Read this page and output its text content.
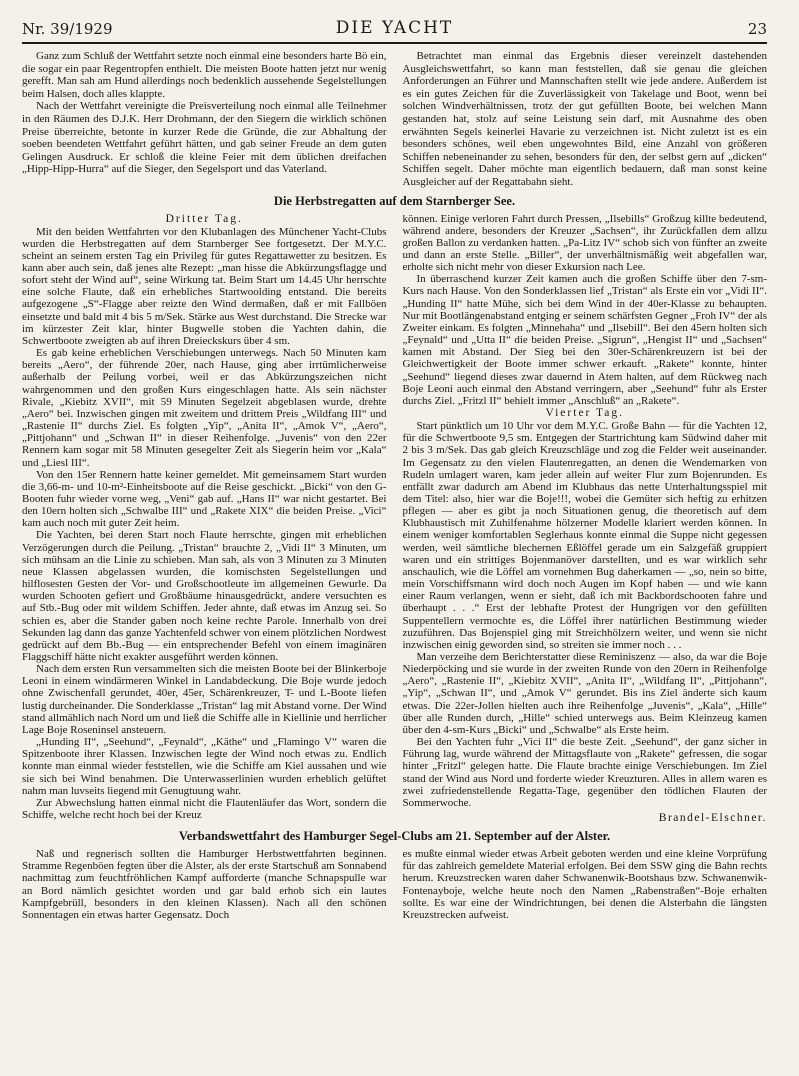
Nr. 39/1929	DIE YACHT	23

Ganz zum Schluß der Wettfahrt setzte noch einmal eine besonders harte Bö ein, die sogar ein paar Regentropfen enthielt. Die meisten Boote hatten jetzt nur wenig gerefft. Man sah am Hund allerdings noch bedenklich aussehende Segelstellungen beim Halsen, doch alles klappte.

Nach der Wettfahrt vereinigte die Preisverteilung noch einmal alle Teilnehmer in den Räumen des D.J.K. Herr Drohmann, der den Siegern die wirklich schönen Preise überreichte, betonte in kurzer Rede die Gründe, die zur Abhaltung der soeben beendeten Wettfahrt geführt hätten, und gab seiner Freude an dem guten Gelingen Ausdruck. Er schloß die kleine Feier mit dem üblichen dreifachen „Hipp-Hipp-Hurra“ auf die Sieger, den Segelsport und das Vaterland.

Betrachtet man einmal das Ergebnis dieser vereinzelt dastehenden Ausgleichswettfahrt, so kann man feststellen, daß sie genau die gleichen Anforderungen an Führer und Mannschaften stellt wie jede andere. Außerdem ist es ein gutes Zeichen für die Zuverlässigkeit von Takelage und Boot, wenn bei solchen Windverhältnissen, trotz der gut gefüllten Boote, bei welchen Mann gestanden hat, stolz auf seine Leistung sein darf, mit Ausnahme des oben erwähnten Segels keinerlei Havarie zu verzeichnen ist. Nicht zuletzt ist es ein besonders schönes, weil eben ungewohntes Bild, eine Anzahl von größeren Schiffen nebeneinander zu sehen, besonders für den, der selbst gern auf „dicken“ Schiffen segelt. Daher möchte man eigentlich bedauern, daß man sonst keine Ausgleicher auf der Regattabahn sieht.

Die Herbstregatten auf dem Starnberger See.
Dritter Tag.

Mit den beiden Wettfahrten vor den Klubanlagen des Münchener Yacht-Clubs wurden die Herbstregatten auf dem Starnberger See fortgesetzt. Der M.Y.C. scheint an seinem ersten Tag ein Privileg für gutes Regattawetter zu besitzen. Es kann aber auch sein, daß jenes alte Rezept: „man hisse die Abkürzungsflagge und sofort steht der Wind auf“, seine Wirkung tat. Beim Start um 14.45 Uhr herrschte eine solche Flaute, daß ein erhebliches Startwoolding entstand. Die bereits aufgezogene „S“-Flagge aber reizte den Wind dermaßen, daß er mit Fallböen einsetzte und bald mit 4 bis 5 m/Sek. Stärke aus West durchstand. Die Strecke war im kürzester Zeit klar, hinter Bugwelle stoben die Yachten dahin, die Schwertboote zweigten ab auf ihren Dreieckskurs über 4 sm.

Es gab keine erheblichen Verschiebungen unterwegs. Nach 50 Minuten kam bereits „Aero“, der führende 20er, nach Hause, ging aber irrtümlicherweise außerhalb der Peilung vorbei, weil er das Abkürzungszeichen nicht wahrgenommen und den großen Kurs eingeschlagen hatte. Als sein nächster Rivale, „Kiebitz XVII“, mit 59 Minuten Segelzeit abgeblasen wurde, drehte „Aero“ bei. Inzwischen gingen mit zweitem und drittem Preis „Wildfang III“ und „Rastenie II“ durchs Ziel. Es folgten „Yip“, „Anita II“, „Amok V“, „Aero“, „Pittjohann“ und „Schwan II“ in dieser Reihenfolge. „Juvenis“ von den 22er Rennern kam sogar mit 58 Minuten gesegelter Zeit als Siegerin heim vor „Kala“ und „Liesl III“.

Von den 15er Rennern hatte keiner gemeldet. Mit gemeinsamem Start wurden die 3,66-m- und 10-m²-Einheitsboote auf die Reise geschickt. „Bicki“ von den G-Booten fuhr wieder vorne weg, „Veni“ gab auf. „Hans II“ war nicht gestartet. Bei den 10ern holten sich „Schwalbe III“ und „Rakete XIX“ die beiden Preise. „Vici“ kam auch noch mit guter Zeit heim.

Die Yachten, bei deren Start noch Flaute herrschte, gingen mit erheblichen Verzögerungen durch die Peilung. „Tristan“ brauchte 2, „Vidi II“ 3 Minuten, um sich mühsam an die Linie zu schieben. Man sah, als von 3 Minuten zu 3 Minuten neue Klassen abgelassen wurden, die komischsten Segelstellungen und hilflosesten Gesten der Vor- und Großschootleute im allgemeinen Gewurle. Da wurden Schooten gefiert und Großbäume hinausgedrückt, andere versuchten es auf Stb.-Bug oder mit wildem Schiffen. Jeder ahnte, daß etwas im Anzug sei. So schien es, aber die Stander gaben noch keine rechte Parole. Innerhalb von drei Sekunden lag dann das ganze Yachtenfeld schwer von einem plötzlichen Nordwest gedrückt auf dem Bb.-Bug — ein entsprechender Befehl von einem imaginären Flaggschiff hätte nicht exakter ausgeführt werden können.

Nach dem ersten Run versammelten sich die meisten Boote bei der Blinkerboje Leoni in einem windärmeren Winkel in Landabdeckung. Die Boje wurde jedoch ohne Zwischenfall gerundet, 40er, 45er, Schärenkreuzer, T- und L-Boote liefen lustig durcheinander. Die Sonderklasse „Tristan“ lag mit Abstand vorne. Der Wind stand allmählich nach Nord um und ließ die Schiffe alle in Kiellinie und herrlicher Lage Boje Roseninsel ansteuern.

„Hunding II“, „Seehund“, „Feynald“, „Käthe“ und „Flamingo V“ waren die Spitzenboote ihrer Klassen. Inzwischen legte der Wind noch etwas zu. Endlich konnte man einmal wieder feststellen, wie die Schiffe am Kiel aussahen und wie sie sich bei Wind benahmen. Die Unterwasserlinien wurden erheblich gelüftet nahm man luvseits liegend mit Genugtuung wahr.

Zur Abwechslung hatten einmal nicht die Flautenläufer das Wort, sondern die Schiffe, welche recht hoch bei der Kreuz

können. Einige verloren Fahrt durch Pressen, „Ilsebills“ Großzug killte bedeutend, während andere, besonders der Kreuzer „Sachsen“, ihr Zurückfallen dem allzu großen Ballon zu verdanken hatten. „Pa-Litz IV“ schob sich von fünfter an zweite und dann an erste Stelle. „Biller“, der unverhältnismäßig weit abgefallen war, erholte sich nicht mehr von dieser Exkursion nach Lee.

In überraschend kurzer Zeit kamen auch die großen Schiffe über den 7-sm-Kurs nach Hause. Von den Sonderklassen lief „Tristan“ als Erste ein vor „Vidi II“. „Hunding II“ hatte Mühe, sich bei dem Wind in der 40er-Klasse zu behaupten. Nur mit Bootlängenabstand entging er seinem schärfsten Gegner „Froh IV“ der als Zweiter einkam. Es folgten „Minnehaha“ und „Ilsebill“. Bei den 45ern holten sich „Feynald“ und „Utta II“ die beiden Preise. „Sigrun“, „Hengist II“ und „Sachsen“ kamen mit Abstand. Der Sieg bei den 30er-Schärenkreuzern ist bei der Gleichwertigkeit der Boote immer schwer erkauft. „Rakete“ konnte, hinter „Seehund“ liegend dieses zwar dauernd in Atem halten, auf dem Rückweg nach Boje Leoni auch einmal den Abstand verringern, aber „Seehund“ fuhr als Erster durchs Ziel. „Fritzl II“ behielt immer „Anschluß“ an „Rakete“.

Vierter Tag.

Start pünktlich um 10 Uhr vor dem M.Y.C. Große Bahn — für die Yachten 12, für die Schwertboote 9,5 sm. Entgegen der Startrichtung kam Südwind daher mit 2 bis 3 m/Sek. Das gab gleich Kreuzschläge und zog die Felder weit auseinander. Im Gegensatz zu den vielen Flautenregatten, an denen die Wendemarken von Rudeln umlagert waren, kam jeder allein auf weiter Flur zum Bojenrunden. Es entfällt zwar dadurch am Abend im Klubhaus das nette Unterhaltungsspiel mit dem Titel: also, hier war die Boje!!!, wobei die Gemüter sich heftig zu erhitzen pflegen — aber es gibt ja noch Situationen genug, die theoretisch auf dem Klubhaustisch mit Zuhilfenahme hölzerner Modelle klariert werden können. In einem weniger komfortablen Seglerhaus konnte einmal die Suppe nicht gegessen werden, weil sämtliche blechernen Eßlöffel gerade um ein Salzgefäß gruppiert waren und ein strittiges Bojenmanöver darstellten, und es war wirklich sehr anschaulich, wie die Löffel am vornehmen Bug daherkamen — „so, nein so bitte, mein Vorschiffsmann wird doch noch Augen im Kopf haben — und wie kann einer Raum verlangen, wenn er sieht, daß ich mit Backbordschooten fahre und überhaupt . . .“ Erst der lebhafte Protest der Hungrigen vor den gefüllten Suppentellern vermochte es, die Löffel ihrer natürlichen Bestimmung wieder zuzuführen. Das Bojenspiel ging mit Streichhölzern weiter, und wenn sie nicht inzwischen einig geworden sind, so streiten sie immer noch . . .

Man verzeihe dem Berichterstatter diese Reminiszenz — also, da war die Boje Niederpöcking und sie wurde in der zweiten Runde von den 20ern in Reihenfolge „Aero“, „Rastenie II“, „Kiebitz XVII“, „Anita II“, „Wildfang II“, „Pittjohann“, „Yip“, „Schwan II“, und „Amok V“ gerundet. Bis ins Ziel änderte sich kaum etwas. Die 22er-Jollen hielten auch ihre Reihenfolge „Juvenis“, „Kala“, „Hille“ über alle Runden durch, „Hille“ schied unterwegs aus. Beim Kleinzeug kamen über den 4-sm-Kurs „Bicki“ und „Schwalbe“ als Erste heim.

Bei den Yachten fuhr „Vici II“ die beste Zeit. „Seehund“, der ganz sicher in Führung lag, wurde während der Mittagsflaute von „Rakete“ gefressen, die sogar hinter „Fritzl“ gelegen hatte. Die Flaute brachte einige Verschiebungen. Im Ziel stand der Wind aus Nord und forderte wieder Kreuzturen. Alles in allem waren es zwei zufriedenstellende Regatta-Tage, gegenüber den tödlichen Flauten der Sommerwoche.

Brandel-Elschner.
Verbandswettfahrt des Hamburger Segel-Clubs am 21. September auf der Alster.

Naß und regnerisch sollten die Hamburger Herbstwettfahrten beginnen. Stramme Regenböen fegten über die Alster, als der erste Startschuß am Sonnabend nachmittag zum feuchtfröhlichen Kampf aufforderte (manche Schnapspulle war an Bord nämlich gesichtet worden und gar bald erhob sich ein lautes Kampfgebrüll, besonders in den kleinen Klassen). Nach all den schönen Sonnentagen ein etwas harter Gegensatz. Doch

es mußte einmal wieder etwas Arbeit geboten werden und eine kleine Vorprüfung für das zahlreich gemeldete Material erfolgen. Bei dem SSW ging die Bahn rechts herum. Kreuzstrecken waren daher Schwanenwik-Bootshaus bzw. Schwanenwik-Fontenayboje, welche heute noch den Namen „Rabenstraßen“-Boje erhalten sollte. Es war eine der Windrichtungen, bei denen die Alsterbahn die längsten Kreuzstrecken aufweist.
